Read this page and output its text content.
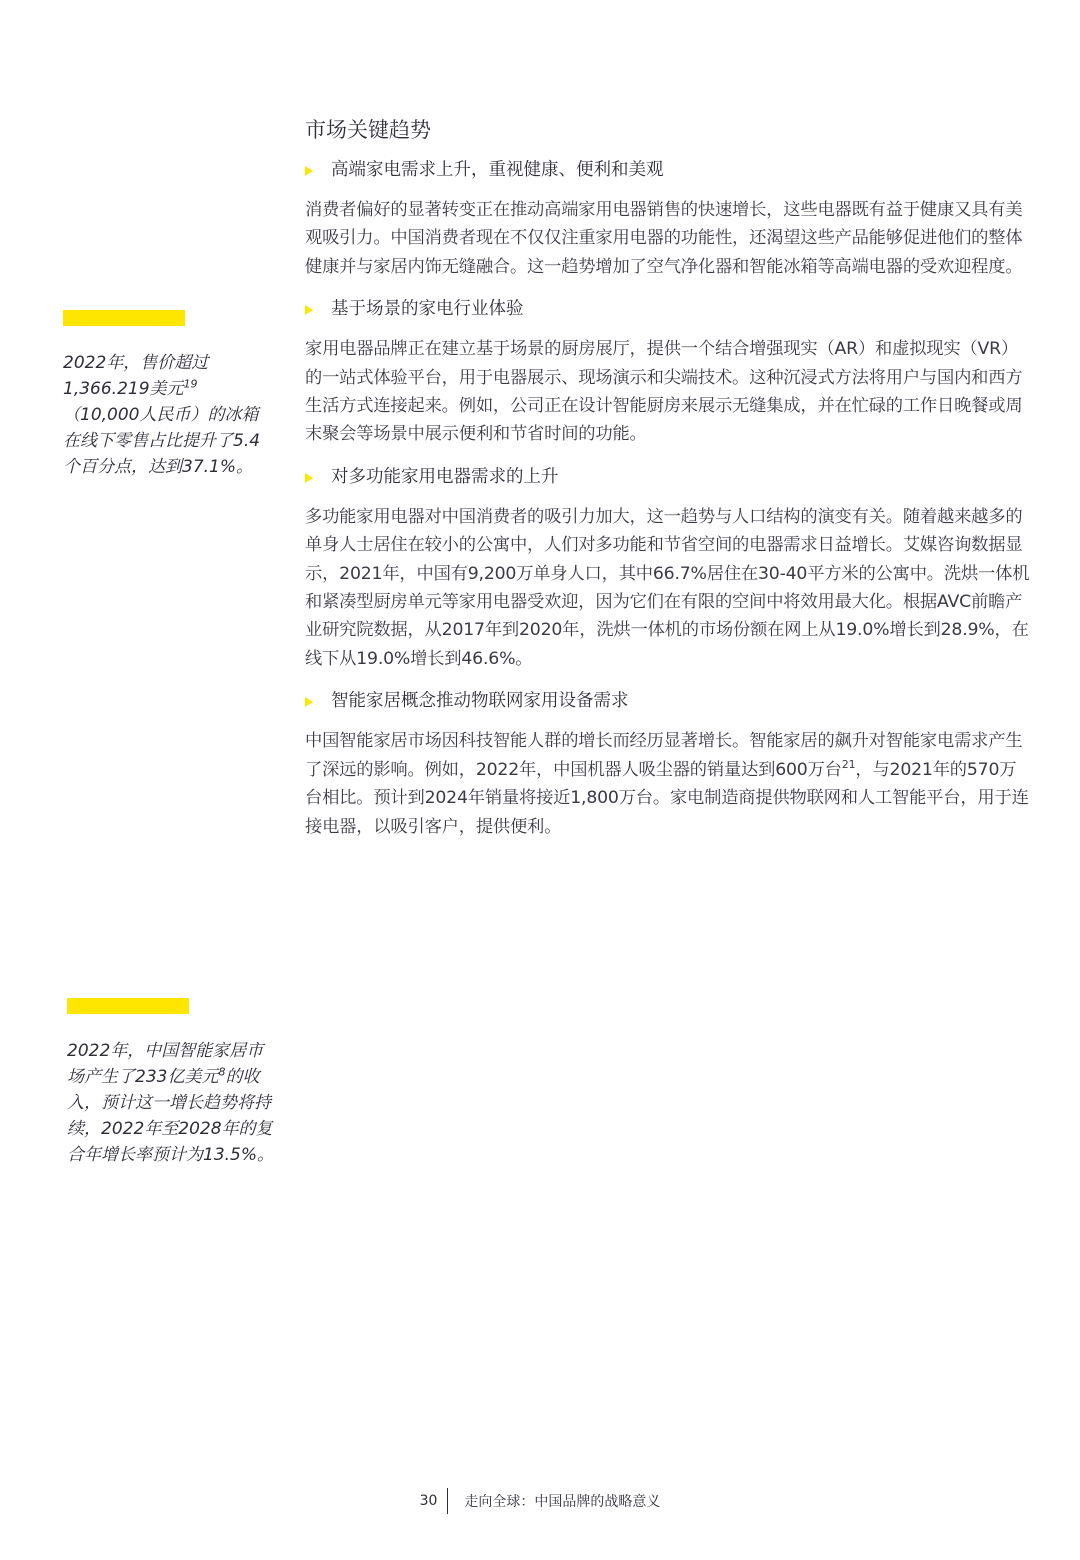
2022年，售价超过1,366.219美元$^{19}$（10,000人民币）的冰箱在线下零售占比提升了5.4个百分点，达到37.1%。

2022年，中国智能家居市场产生了233亿美元$^8$的收入，预计这一增长趋势将持续，2022年至2028年的复合年增长率预计为13.5%。

市场关键趋势
高端家电需求上升，重视健康、便利和美观

消费者偏好的显著转变正在推动高端家用电器销售的快速增长，这些电器既有益于健康又具有美观吸引力。中国消费者现在不仅仅注重家用电器的功能性，还渴望这些产品能够促进他们的整体健康并与家居内饰无缝融合。这一趋势增加了空气净化器和智能冰箱等高端电器的受欢迎程度。

基于场景的家电行业体验

家用电器品牌正在建立基于场景的厨房展厅，提供一个结合增强现实（AR）和虚拟现实（VR）的一站式体验平台，用于电器展示、现场演示和尖端技术。这种沉浸式方法将用户与国内和西方生活方式连接起来。例如，公司正在设计智能厨房来展示无缝集成，并在忙碌的工作日晚餐或周末聚会等场景中展示便利和节省时间的功能。

对多功能家用电器需求的上升

多功能家用电器对中国消费者的吸引力加大，这一趋势与人口结构的演变有关。随着越来越多的单身人士居住在较小的公寓中，人们对多功能和节省空间的电器需求日益增长。艾媒咨询数据显示，2021年，中国有9,200万单身人口，其中66.7%居住在30-40平方米的公寓中。洗烘一体机和紧凑型厨房单元等家用电器受欢迎，因为它们在有限的空间中将效用最大化。根据AVC前瞻产业研究院数据，从2017年到2020年，洗烘一体机的市场份额在网上从19.0%增长到28.9%，在线下从19.0%增长到46.6%。

智能家居概念推动物联网家用设备需求

中国智能家居市场因科技智能人群的增长而经历显著增长。智能家居的飙升对智能家电需求产生了深远的影响。例如，2022年，中国机器人吸尘器的销量达到600万台$^{21}$，与2021年的570万台相比。预计到2024年销量将接近1,800万台。家电制造商提供物联网和人工智能平台，用于连接电器，以吸引客户，提供便利。

30 走向全球：中国品牌的战略意义
